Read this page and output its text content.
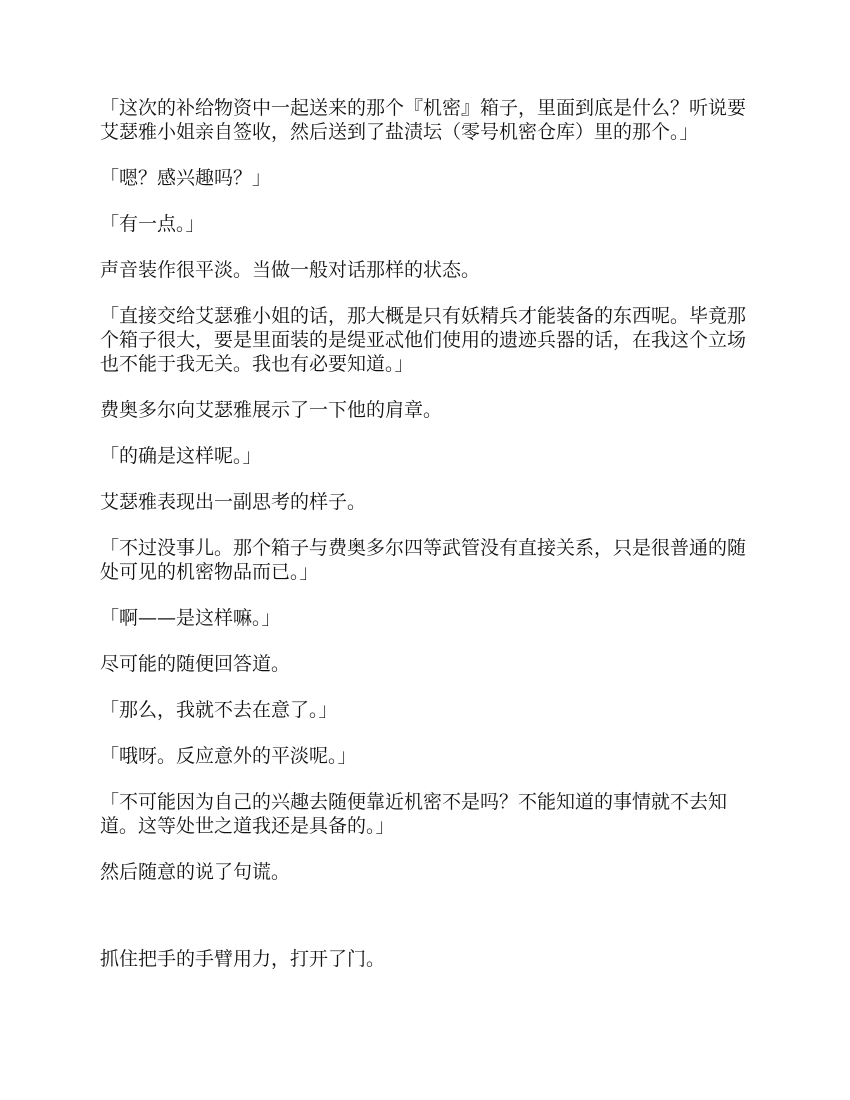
「这次的补给物资中一起送来的那个『机密』箱子，里面到底是什么？听说要艾瑟雅小姐亲自签收，然后送到了盐渍坛（零号机密仓库）里的那个。」

「嗯？感兴趣吗？」

「有一点。」

声音装作很平淡。当做一般对话那样的状态。

「直接交给艾瑟雅小姐的话，那大概是只有妖精兵才能装备的东西呢。毕竟那个箱子很大，要是里面装的是缇亚忒他们使用的遗迹兵器的话，在我这个立场也不能于我无关。我也有必要知道。」

费奥多尔向艾瑟雅展示了一下他的肩章。

「的确是这样呢。」

艾瑟雅表现出一副思考的样子。

「不过没事儿。那个箱子与费奥多尔四等武管没有直接关系，只是很普通的随处可见的机密物品而已。」

「啊——是这样嘛。」

尽可能的随便回答道。

「那么，我就不去在意了。」

「哦呀。反应意外的平淡呢。」

「不可能因为自己的兴趣去随便靠近机密不是吗？不能知道的事情就不去知道。这等处世之道我还是具备的。」

然后随意的说了句谎。

抓住把手的手臂用力，打开了门。
